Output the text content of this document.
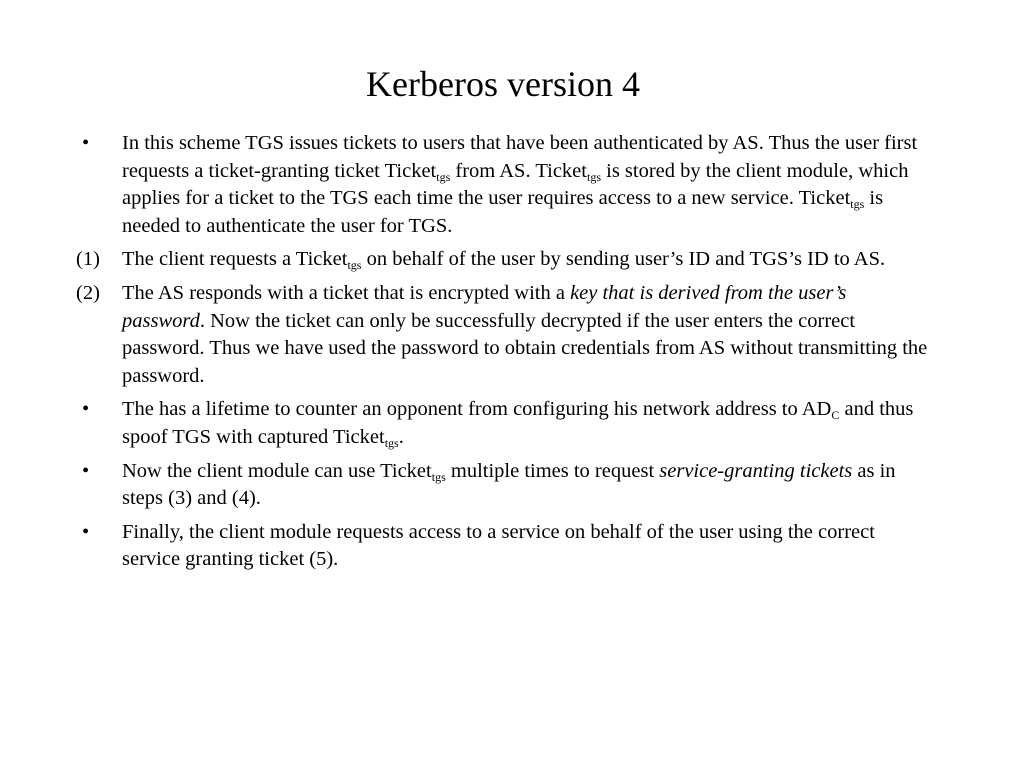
Kerberos version 4
•	In this scheme TGS issues tickets to users that have been authenticated by AS. Thus the user first requests a ticket-granting ticket Ticket$_{tgs}$ from AS. Ticket$_{tgs}$ is stored by the client module, which applies for a ticket to the TGS each time the user requires access to a new service. Ticket$_{tgs}$ is needed to authenticate the user for TGS.
(1)	The client requests a Ticket$_{tgs}$ on behalf of the user by sending user’s ID and TGS’s ID to AS.
(2)	The AS responds with a ticket that is encrypted with a key that is derived from the user’s password. Now the ticket can only be successfully decrypted if the user enters the correct password. Thus we have used the password to obtain credentials from AS without transmitting the password.
•	The has a lifetime to counter an opponent from configuring his network address to $AD_C$ and thus spoof TGS with captured Ticket$_{tgs}$.
•	Now the client module can use Ticket$_{tgs}$ multiple times to request service-granting tickets as in steps (3) and (4).
•	Finally, the client module requests access to a service on behalf of the user using the correct service granting ticket (5).
